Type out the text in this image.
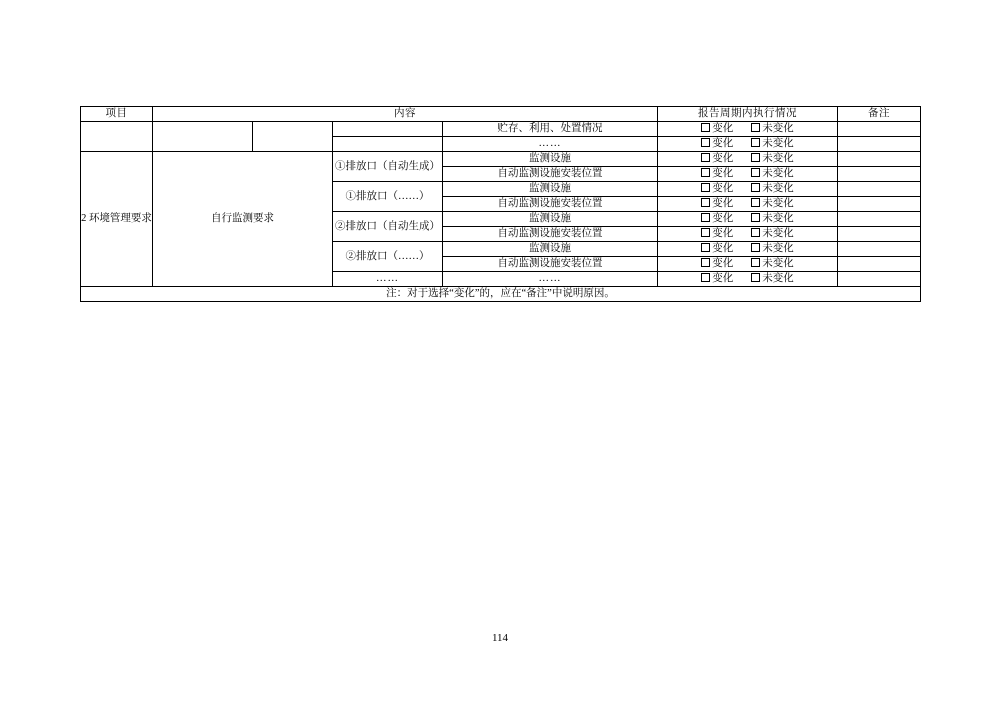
项目	内容				报告周期内执行情况	备注
				贮存、利用、处置情况	变化 未变化	
				……	变化 未变化	
2 环境管理要求	自行监测要求		①排放口（自动生成）	监测设施	变化 未变化	
				自动监测设施安装位置	变化 未变化	
			①排放口（……）	监测设施	变化 未变化	
				自动监测设施安装位置	变化 未变化	
			②排放口（自动生成）	监测设施	变化 未变化	
				自动监测设施安装位置	变化 未变化	
			②排放口（……）	监测设施	变化 未变化	
				自动监测设施安装位置	变化 未变化	
			……	……	变化 未变化	
注：对于选择“变化”的，应在“备注”中说明原因。						
114
